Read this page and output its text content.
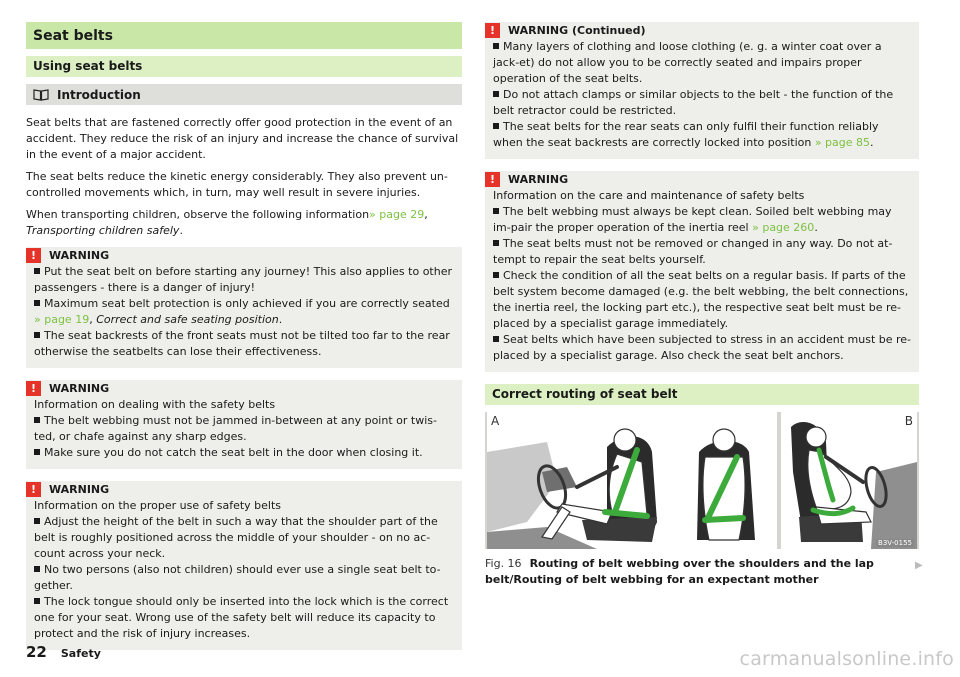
Seat belts
Using seat belts
Introduction

Seat belts that are fastened correctly offer good protection in the event of an accident. They reduce the risk of an injury and increase the chance of survival in the event of a major accident.

The seat belts reduce the kinetic energy considerably. They also prevent un-controlled movements which, in turn, may well result in severe injuries.

When transporting children, observe the following information» page 29,
Transporting children safely.

!	WARNING
Put the seat belt on before starting any journey! This also applies to other passengers - there is a danger of injury!
Maximum seat belt protection is only achieved if you are correctly seated
» page 19, Correct and safe seating position.
The seat backrests of the front seats must not be tilted too far to the rear otherwise the seatbelts can lose their effectiveness.
!	WARNING
Information on dealing with the safety belts
The belt webbing must not be jammed in-between at any point or twis-ted, or chafe against any sharp edges.
Make sure you do not catch the seat belt in the door when closing it.
!	WARNING
Information on the proper use of safety belts
Adjust the height of the belt in such a way that the shoulder part of the belt is roughly positioned across the middle of your shoulder - on no ac-count across your neck.
No two persons (also not children) should ever use a single seat belt to-gether.
The lock tongue should only be inserted into the lock which is the correct one for your seat. Wrong use of the safety belt will reduce its capacity to protect and the risk of injury increases.
!	WARNING (Continued)
Many layers of clothing and loose clothing (e. g. a winter coat over a jack-et) do not allow you to be correctly seated and impairs proper operation of the seat belts.
Do not attach clamps or similar objects to the belt - the function of the belt retractor could be restricted.
The seat belts for the rear seats can only fulfil their function reliably when the seat backrests are correctly locked into position » page 85.
!	WARNING
Information on the care and maintenance of safety belts
The belt webbing must always be kept clean. Soiled belt webbing may im-pair the proper operation of the inertia reel » page 260.
The seat belts must not be removed or changed in any way. Do not at-tempt to repair the seat belts yourself.
Check the condition of all the seat belts on a regular basis. If parts of the belt system become damaged (e.g. the belt webbing, the belt connections, the inertia reel, the locking part etc.), the respective seat belt must be re-placed by a specialist garage immediately.
Seat belts which have been subjected to stress in an accident must be re-placed by a specialist garage. Also check the seat belt anchors.
Correct routing of seat belt
A	B
B3V-0155
Fig. 16 Routing of belt webbing over the shoulders and the lap belt/Routing of belt webbing for an expectant mother
▶
22 Safety	carmanualsonline.info
